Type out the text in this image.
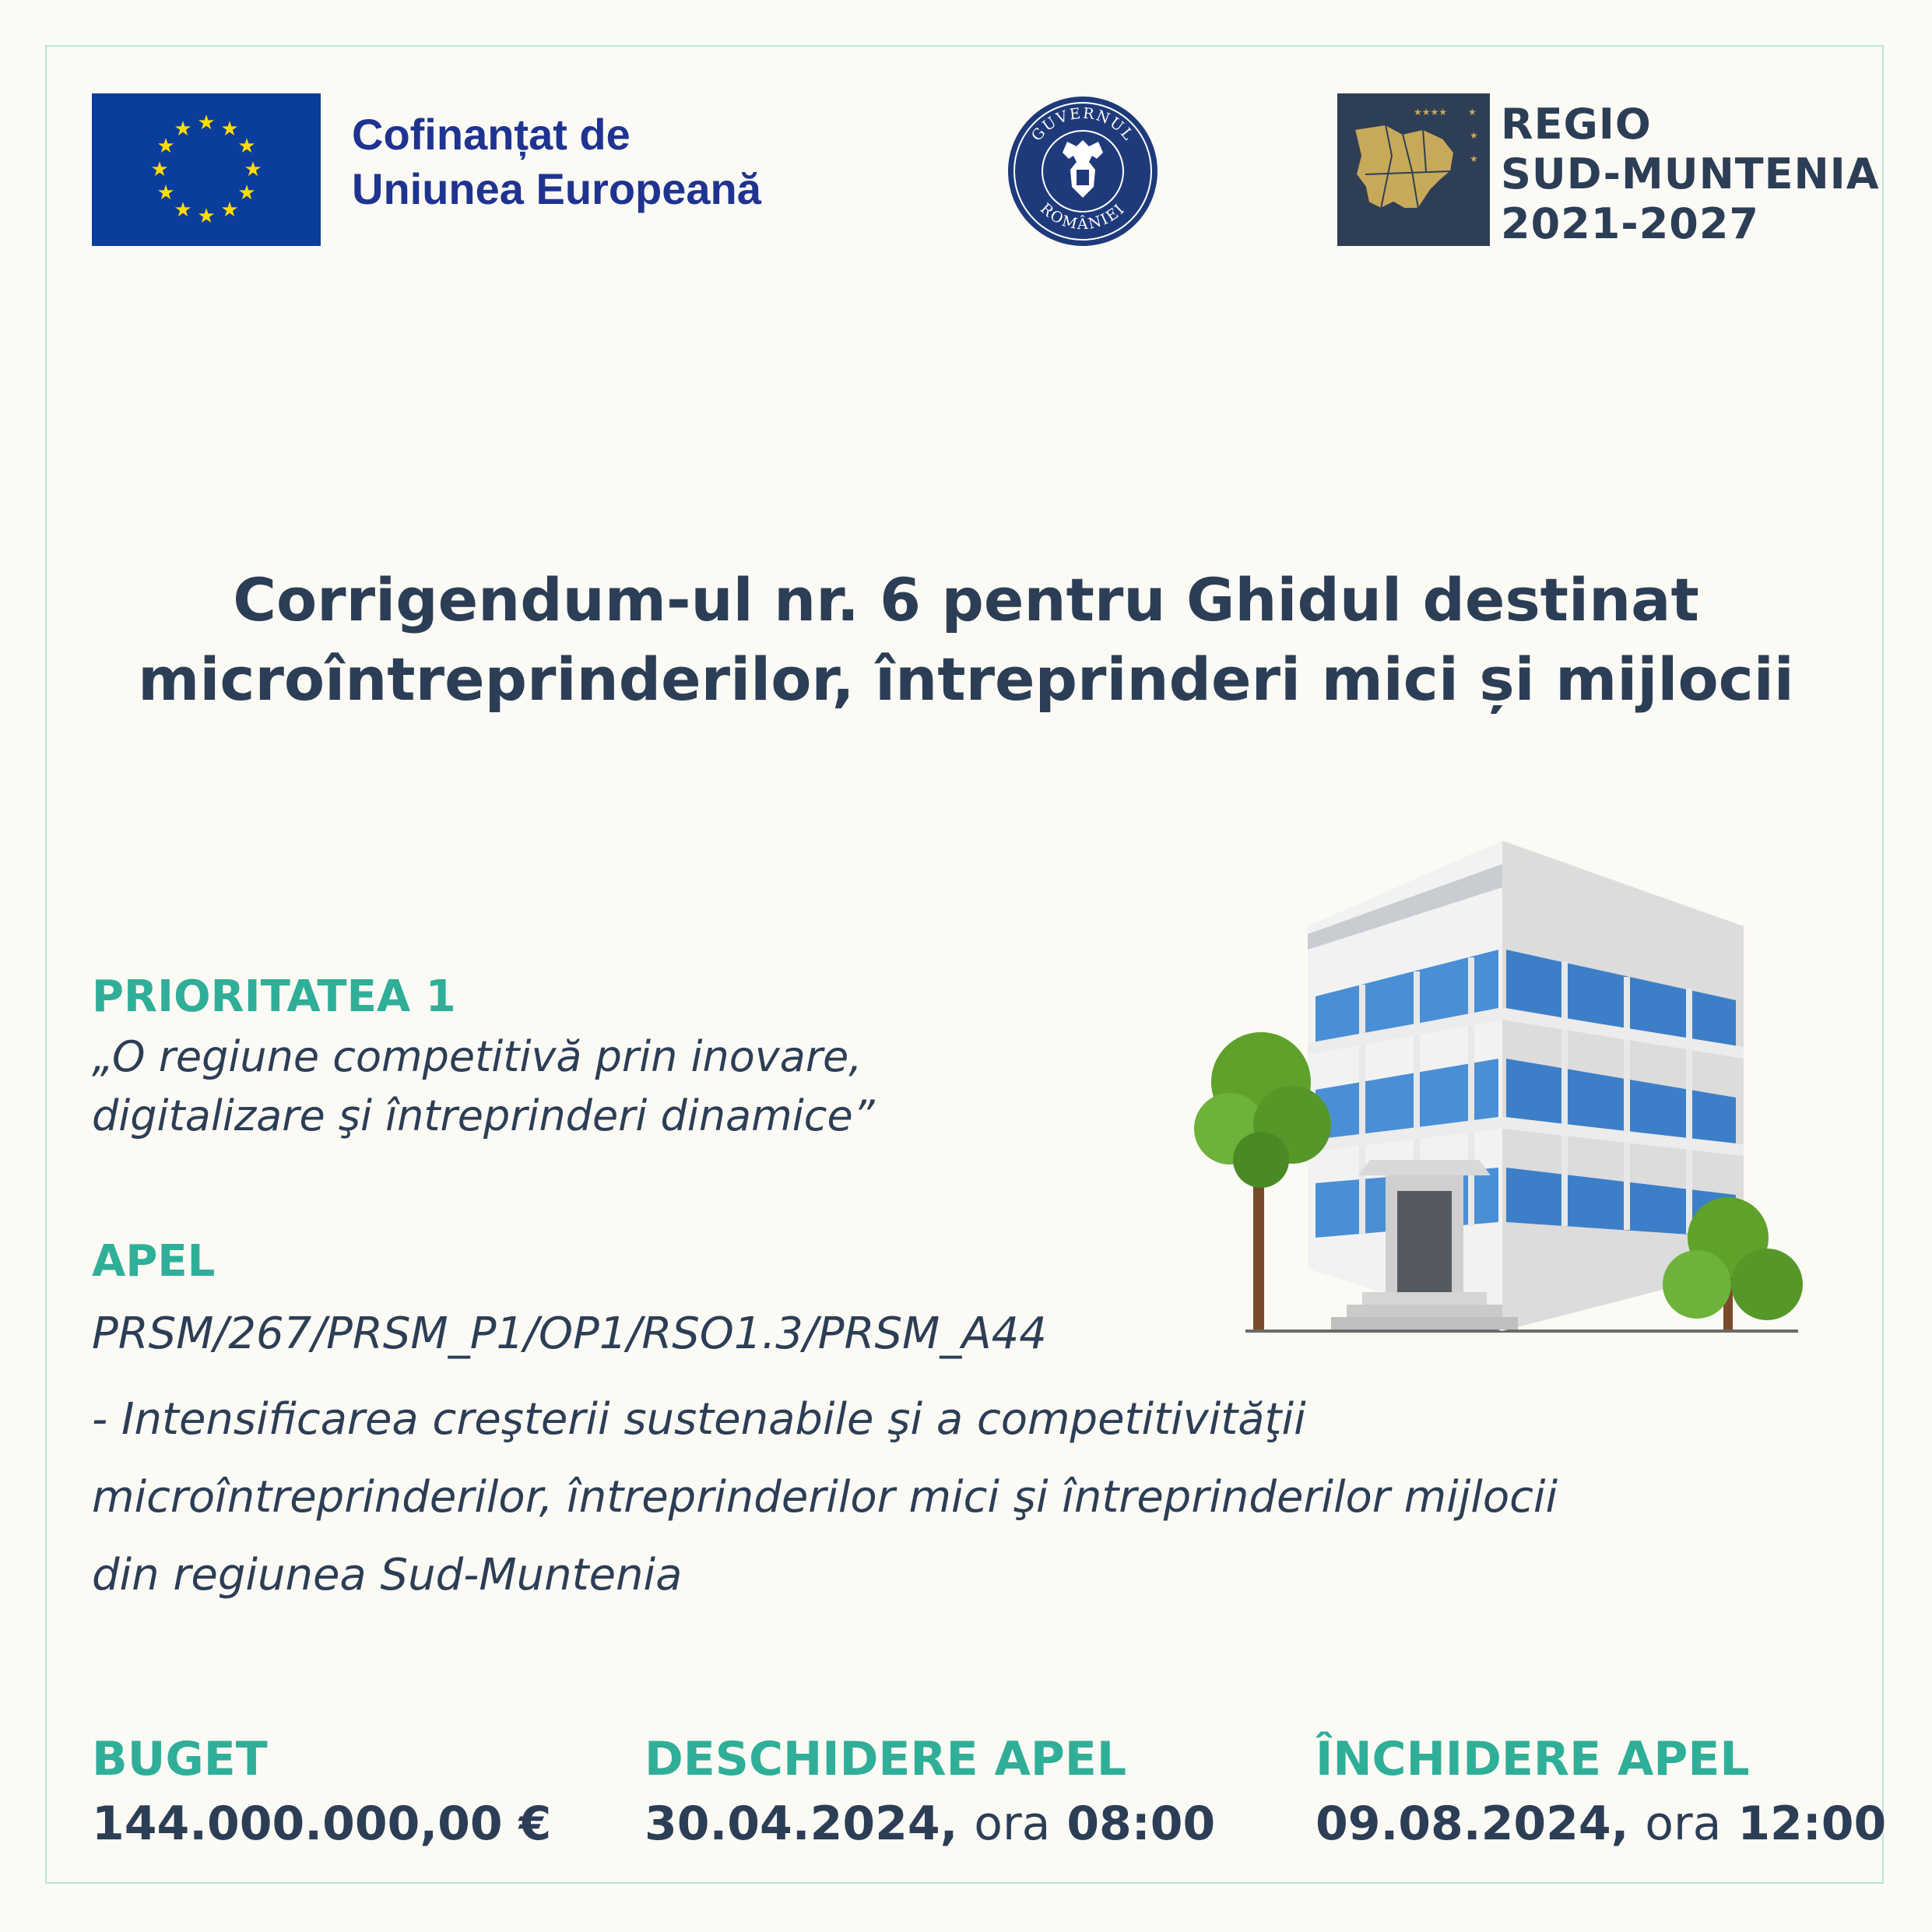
★ ★
★
★
★
★
★
★
★
★
★
★	Cofinanțat de
Uniunea Europeană
GUVERNUL
ROMÂNIEI
★★★★ ★
★
★
REGIO
SUD-MUNTENIA
2021-2027
Corrigendum-ul nr. 6 pentru Ghidul destinat
microîntreprinderilor, întreprinderi mici și mijlocii
PRIORITATEA 1
„O regiune competitivă prin inovare,
digitalizare şi întreprinderi dinamice”
APEL
PRSM/267/PRSM_P1/OP1/RSO1.3/PRSM_A44
- Intensificarea creşterii sustenabile şi a competitivităţii
microîntreprinderilor, întreprinderilor mici şi întreprinderilor mijlocii
din regiunea Sud-Muntenia
BUGET
144.000.000,00 €
DESCHIDERE APEL
30.04.2024, ora 08:00
ÎNCHIDERE APEL
09.08.2024, ora 12:00
